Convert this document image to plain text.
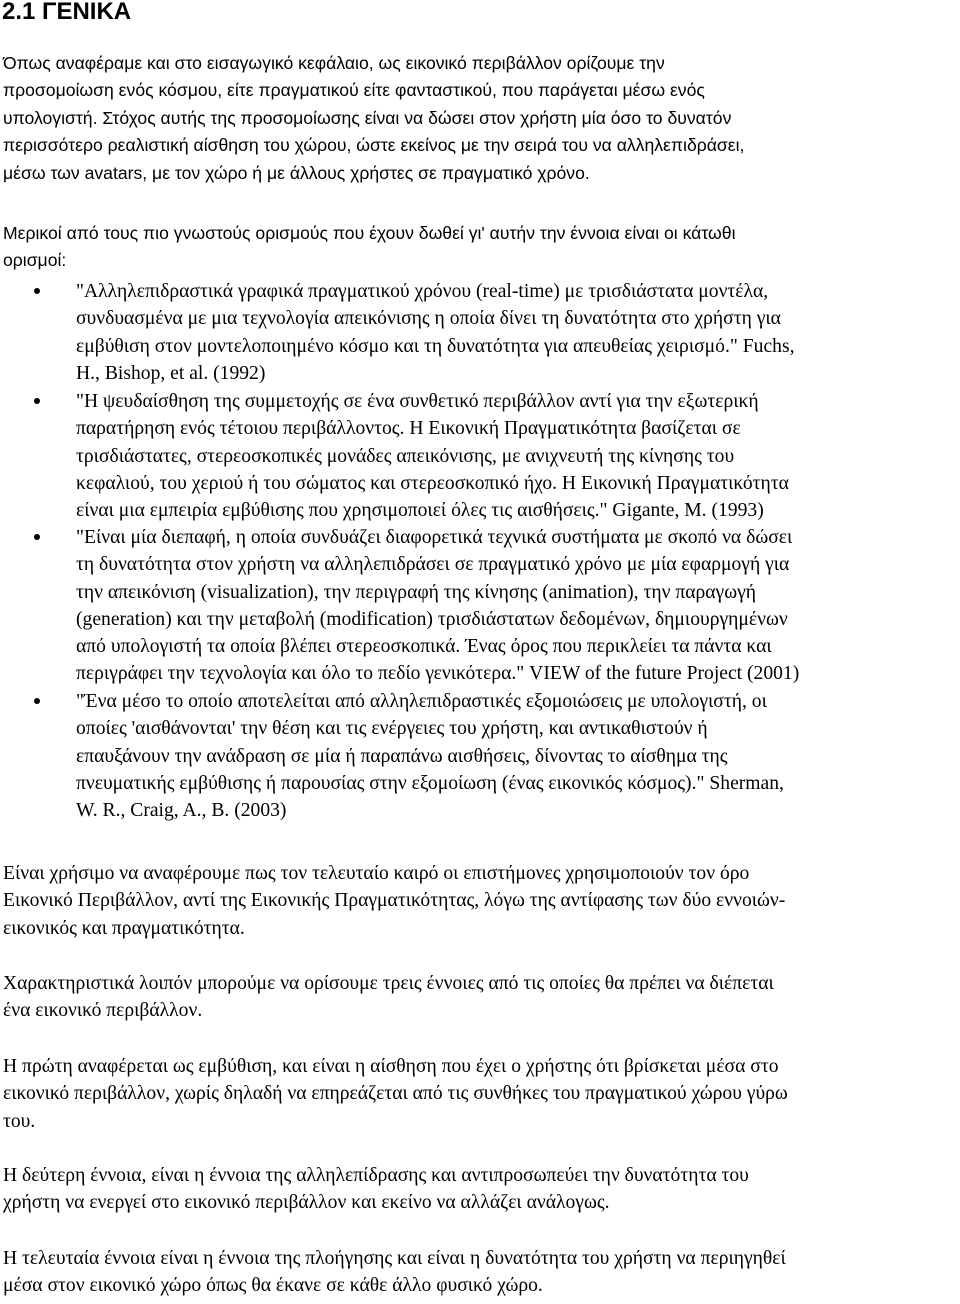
2.1 ΓΕΝΙΚΑ

Όπως αναφέραμε και στο εισαγωγικό κεφάλαιο, ως εικονικό περιβάλλον ορίζουμε την
προσομοίωση ενός κόσμου, είτε πραγματικού είτε φανταστικού, που παράγεται μέσω ενός
υπολογιστή. Στόχος αυτής της προσομοίωσης είναι να δώσει στον χρήστη μία όσο το δυνατόν
περισσότερο ρεαλιστική αίσθηση του χώρου, ώστε εκείνος με την σειρά του να αλληλεπιδράσει,
μέσω των avatars, με τον χώρο ή με άλλους χρήστες σε πραγματικό χρόνο.

Μερικοί από τους πιο γνωστούς ορισμούς που έχουν δωθεί γι' αυτήν την έννοια είναι οι κάτωθι
ορισμοί:

"Αλληλεπιδραστικά γραφικά πραγματικού χρόνου (real-time) με τρισδιάστατα μοντέλα,
συνδυασμένα με μια τεχνολογία απεικόνισης η οποία δίνει τη δυνατότητα στο χρήστη για
εμβύθιση στον μοντελοποιημένο κόσμο και τη δυνατότητα για απευθείας χειρισμό." Fuchs,
H., Bishop, et al. (1992)

"Η ψευδαίσθηση της συμμετοχής σε ένα συνθετικό περιβάλλον αντί για την εξωτερική
παρατήρηση ενός τέτοιου περιβάλλοντος. Η Εικονική Πραγματικότητα βασίζεται σε
τρισδιάστατες, στερεοσκοπικές μονάδες απεικόνισης, με ανιχνευτή της κίνησης του
κεφαλιού, του χεριού ή του σώματος και στερεοσκοπικό ήχο. Η Εικονική Πραγματικότητα
είναι μια εμπειρία εμβύθισης που χρησιμοποιεί όλες τις αισθήσεις." Gigante, M. (1993)

"Είναι μία διεπαφή, η οποία συνδυάζει διαφορετικά τεχνικά συστήματα με σκοπό να δώσει
τη δυνατότητα στον χρήστη να αλληλεπιδράσει σε πραγματικό χρόνο με μία εφαρμογή για
την απεικόνιση (visualization), την περιγραφή της κίνησης (animation), την παραγωγή
(generation) και την μεταβολή (modification) τρισδιάστατων δεδομένων, δημιουργημένων
από υπολογιστή τα οποία βλέπει στερεοσκοπικά. Ένας όρος που περικλείει τα πάντα και
περιγράφει την τεχνολογία και όλο το πεδίο γενικότερα." VIEW of the future Project (2001)

"Ένα μέσο το οποίο αποτελείται από αλληλεπιδραστικές εξομοιώσεις με υπολογιστή, οι
οποίες 'αισθάνονται' την θέση και τις ενέργειες του χρήστη, και αντικαθιστούν ή
επαυξάνουν την ανάδραση σε μία ή παραπάνω αισθήσεις, δίνοντας το αίσθημα της
πνευματικής εμβύθισης ή παρουσίας στην εξομοίωση (ένας εικονικός κόσμος)." Sherman,
W. R., Craig, A., B. (2003)

Είναι χρήσιμο να αναφέρουμε πως τον τελευταίο καιρό οι επιστήμονες χρησιμοποιούν τον όρο
Εικονικό Περιβάλλον, αντί της Εικονικής Πραγματικότητας, λόγω της αντίφασης των δύο εννοιών-
εικονικός και πραγματικότητα.

Χαρακτηριστικά λοιπόν μπορούμε να ορίσουμε τρεις έννοιες από τις οποίες θα πρέπει να διέπεται
ένα εικονικό περιβάλλον.

Η πρώτη αναφέρεται ως εμβύθιση, και είναι η αίσθηση που έχει ο χρήστης ότι βρίσκεται μέσα στο
εικονικό περιβάλλον, χωρίς δηλαδή να επηρεάζεται από τις συνθήκες του πραγματικού χώρου γύρω
του.

Η δεύτερη έννοια, είναι η έννοια της αλληλεπίδρασης και αντιπροσωπεύει την δυνατότητα του
χρήστη να ενεργεί στο εικονικό περιβάλλον και εκείνο να αλλάζει ανάλογως.

Η τελευταία έννοια είναι η έννοια της πλοήγησης και είναι η δυνατότητα του χρήστη να περιηγηθεί
μέσα στον εικονικό χώρο όπως θα έκανε σε κάθε άλλο φυσικό χώρο.
